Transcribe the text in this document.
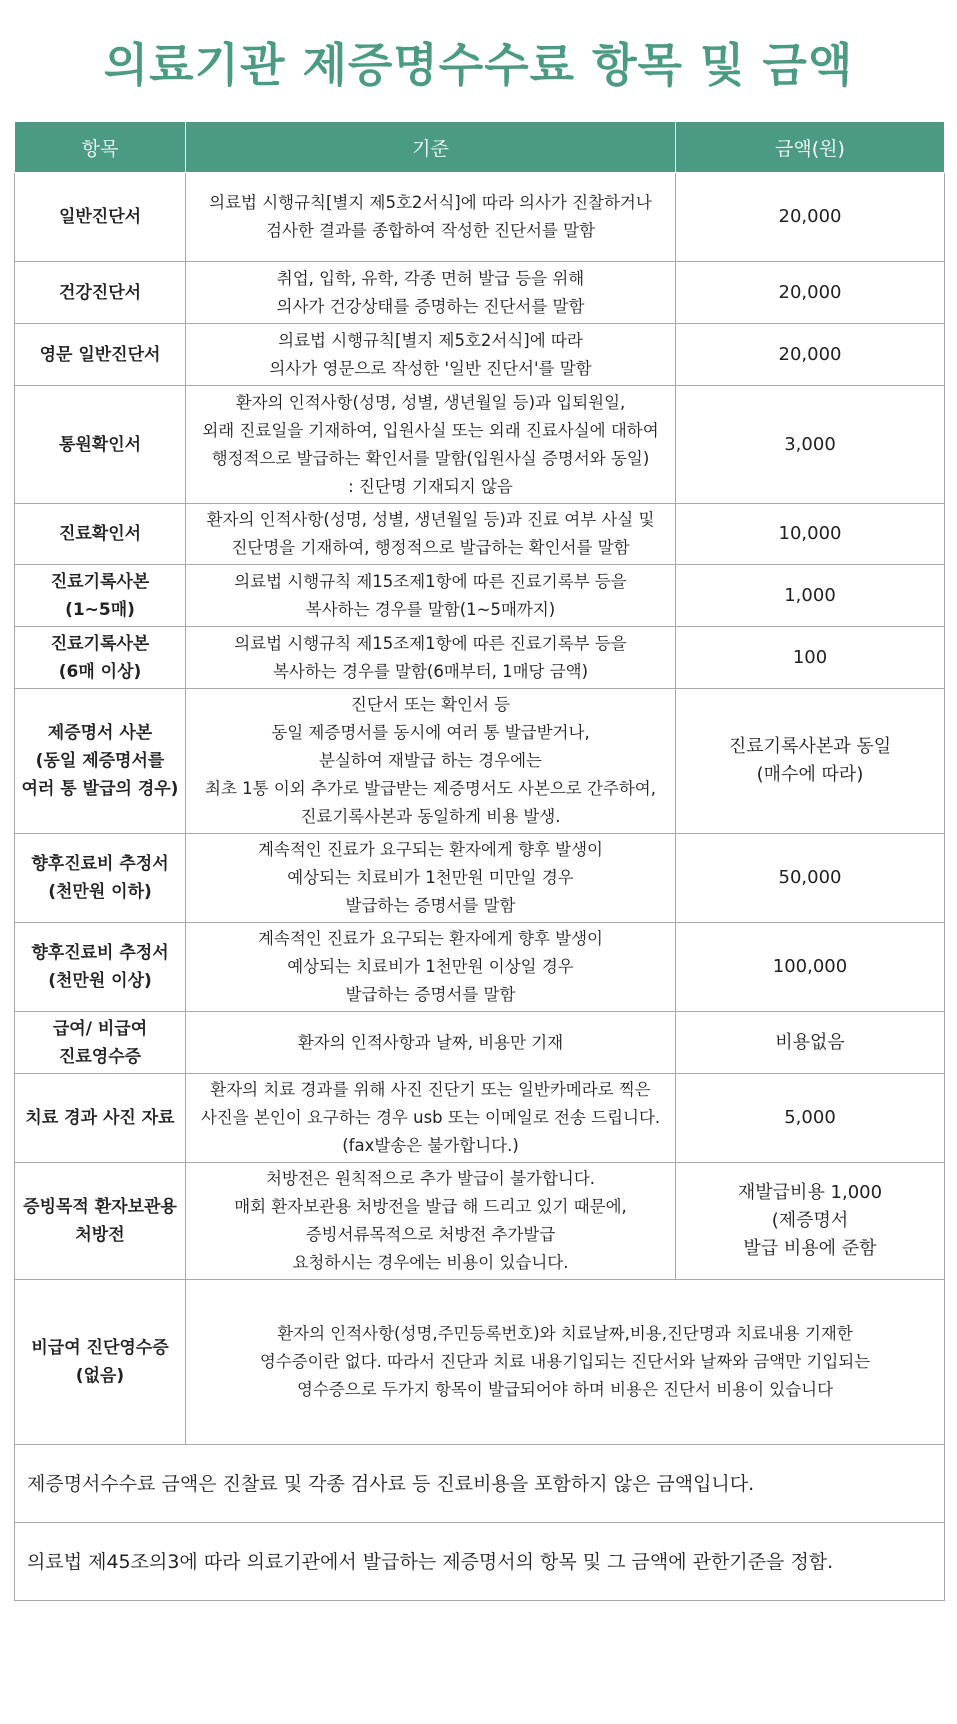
의료기관 제증명수수료 항목 및 금액
항목	기준	금액(원)
일반진단서	의료법 시행규칙[별지 제5호2서식]에 따라 의사가 진찰하거나
검사한 결과를 종합하여 작성한 진단서를 말함	20,000
건강진단서	취업, 입학, 유학, 각종 면허 발급 등을 위해
의사가 건강상태를 증명하는 진단서를 말함	20,000
영문 일반진단서	의료법 시행규칙[별지 제5호2서식]에 따라
의사가 영문으로 작성한 '일반 진단서'를 말함	20,000
통원확인서	환자의 인적사항(성명, 성별, 생년월일 등)과 입퇴원일,
외래 진료일을 기재하여, 입원사실 또는 외래 진료사실에 대하여
행정적으로 발급하는 확인서를 말함(입원사실 증명서와 동일)
: 진단명 기재되지 않음	3,000
진료확인서	환자의 인적사항(성명, 성별, 생년월일 등)과 진료 여부 사실 및
진단명을 기재하여, 행정적으로 발급하는 확인서를 말함	10,000
진료기록사본
(1~5매)	의료법 시행규칙 제15조제1항에 따른 진료기록부 등을
복사하는 경우를 말함(1~5매까지)	1,000
진료기록사본
(6매 이상)	의료법 시행규칙 제15조제1항에 따른 진료기록부 등을
복사하는 경우를 말함(6매부터, 1매당 금액)	100
제증명서 사본
(동일 제증명서를
여러 통 발급의 경우)	진단서 또는 확인서 등
동일 제증명서를 동시에 여러 통 발급받거나,
분실하여 재발급 하는 경우에는
최초 1통 이외 추가로 발급받는 제증명서도 사본으로 간주하여,
진료기록사본과 동일하게 비용 발생.	진료기록사본과 동일
(매수에 따라)
향후진료비 추정서
(천만원 이하)	계속적인 진료가 요구되는 환자에게 향후 발생이
예상되는 치료비가 1천만원 미만일 경우
발급하는 증명서를 말함	50,000
향후진료비 추정서
(천만원 이상)	계속적인 진료가 요구되는 환자에게 향후 발생이
예상되는 치료비가 1천만원 이상일 경우
발급하는 증명서를 말함	100,000
급여/ 비급여
진료영수증	환자의 인적사항과 날짜, 비용만 기재	비용없음
치료 경과 사진 자료	환자의 치료 경과를 위해 사진 진단기 또는 일반카메라로 찍은
사진을 본인이 요구하는 경우 usb 또는 이메일로 전송 드립니다.
(fax발송은 불가합니다.)	5,000
증빙목적 환자보관용
처방전	처방전은 원칙적으로 추가 발급이 불가합니다.
매회 환자보관용 처방전을 발급 해 드리고 있기 때문에,
증빙서류목적으로 처방전 추가발급
요청하시는 경우에는 비용이 있습니다.	재발급비용 1,000
(제증명서
발급 비용에 준함
비급여 진단영수증
(없음)	환자의 인적사항(성명,주민등록번호)와 치료날짜,비용,진단명과 치료내용 기재한
영수증이란 없다. 따라서 진단과 치료 내용기입되는 진단서와 날짜와 금액만 기입되는
영수증으로 두가지 항목이 발급되어야 하며 비용은 진단서 비용이 있습니다	
제증명서수수료 금액은 진찰료 및 각종 검사료 등 진료비용을 포함하지 않은 금액입니다.		
의료법 제45조의3에 따라 의료기관에서 발급하는 제증명서의 항목 및 그 금액에 관한기준을 정함.		
